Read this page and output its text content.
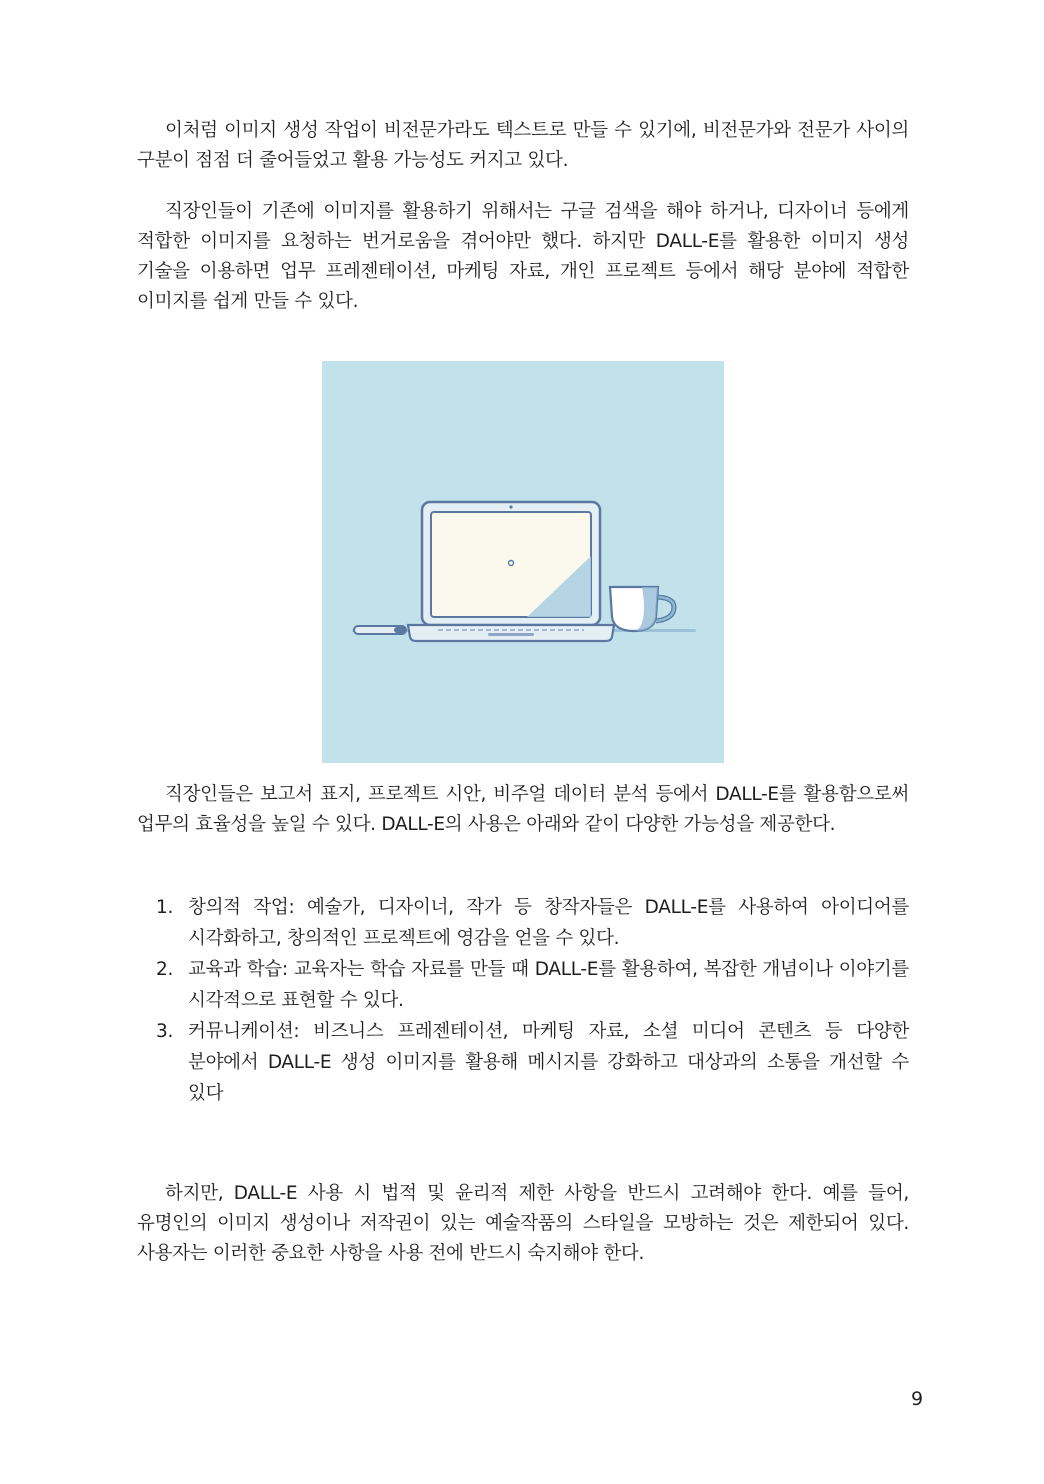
이처럼 이미지 생성 작업이 비전문가라도 텍스트로 만들 수 있기에, 비전문가와 전문가 사이의 구분이 점점 더 줄어들었고 활용 가능성도 커지고 있다.

직장인들이 기존에 이미지를 활용하기 위해서는 구글 검색을 해야 하거나, 디자이너 등에게 적합한 이미지를 요청하는 번거로움을 겪어야만 했다. 하지만 DALL-E를 활용한 이미지 생성 기술을 이용하면 업무 프레젠테이션, 마케팅 자료, 개인 프로젝트 등에서 해당 분야에 적합한 이미지를 쉽게 만들 수 있다.

직장인들은 보고서 표지, 프로젝트 시안, 비주얼 데이터 분석 등에서 DALL-E를 활용함으로써 업무의 효율성을 높일 수 있다. DALL-E의 사용은 아래와 같이 다양한 가능성을 제공한다.

1. 창의적 작업: 예술가, 디자이너, 작가 등 창작자들은 DALL-E를 사용하여 아이디어를 시각화하고, 창의적인 프로젝트에 영감을 얻을 수 있다.
2. 교육과 학습: 교육자는 학습 자료를 만들 때 DALL-E를 활용하여, 복잡한 개념이나 이야기를 시각적으로 표현할 수 있다.
3. 커뮤니케이션: 비즈니스 프레젠테이션, 마케팅 자료, 소셜 미디어 콘텐츠 등 다양한 분야에서 DALL-E 생성 이미지를 활용해 메시지를 강화하고 대상과의 소통을 개선할 수 있다

하지만, DALL-E 사용 시 법적 및 윤리적 제한 사항을 반드시 고려해야 한다. 예를 들어, 유명인의 이미지 생성이나 저작권이 있는 예술작품의 스타일을 모방하는 것은 제한되어 있다. 사용자는 이러한 중요한 사항을 사용 전에 반드시 숙지해야 한다.

9
